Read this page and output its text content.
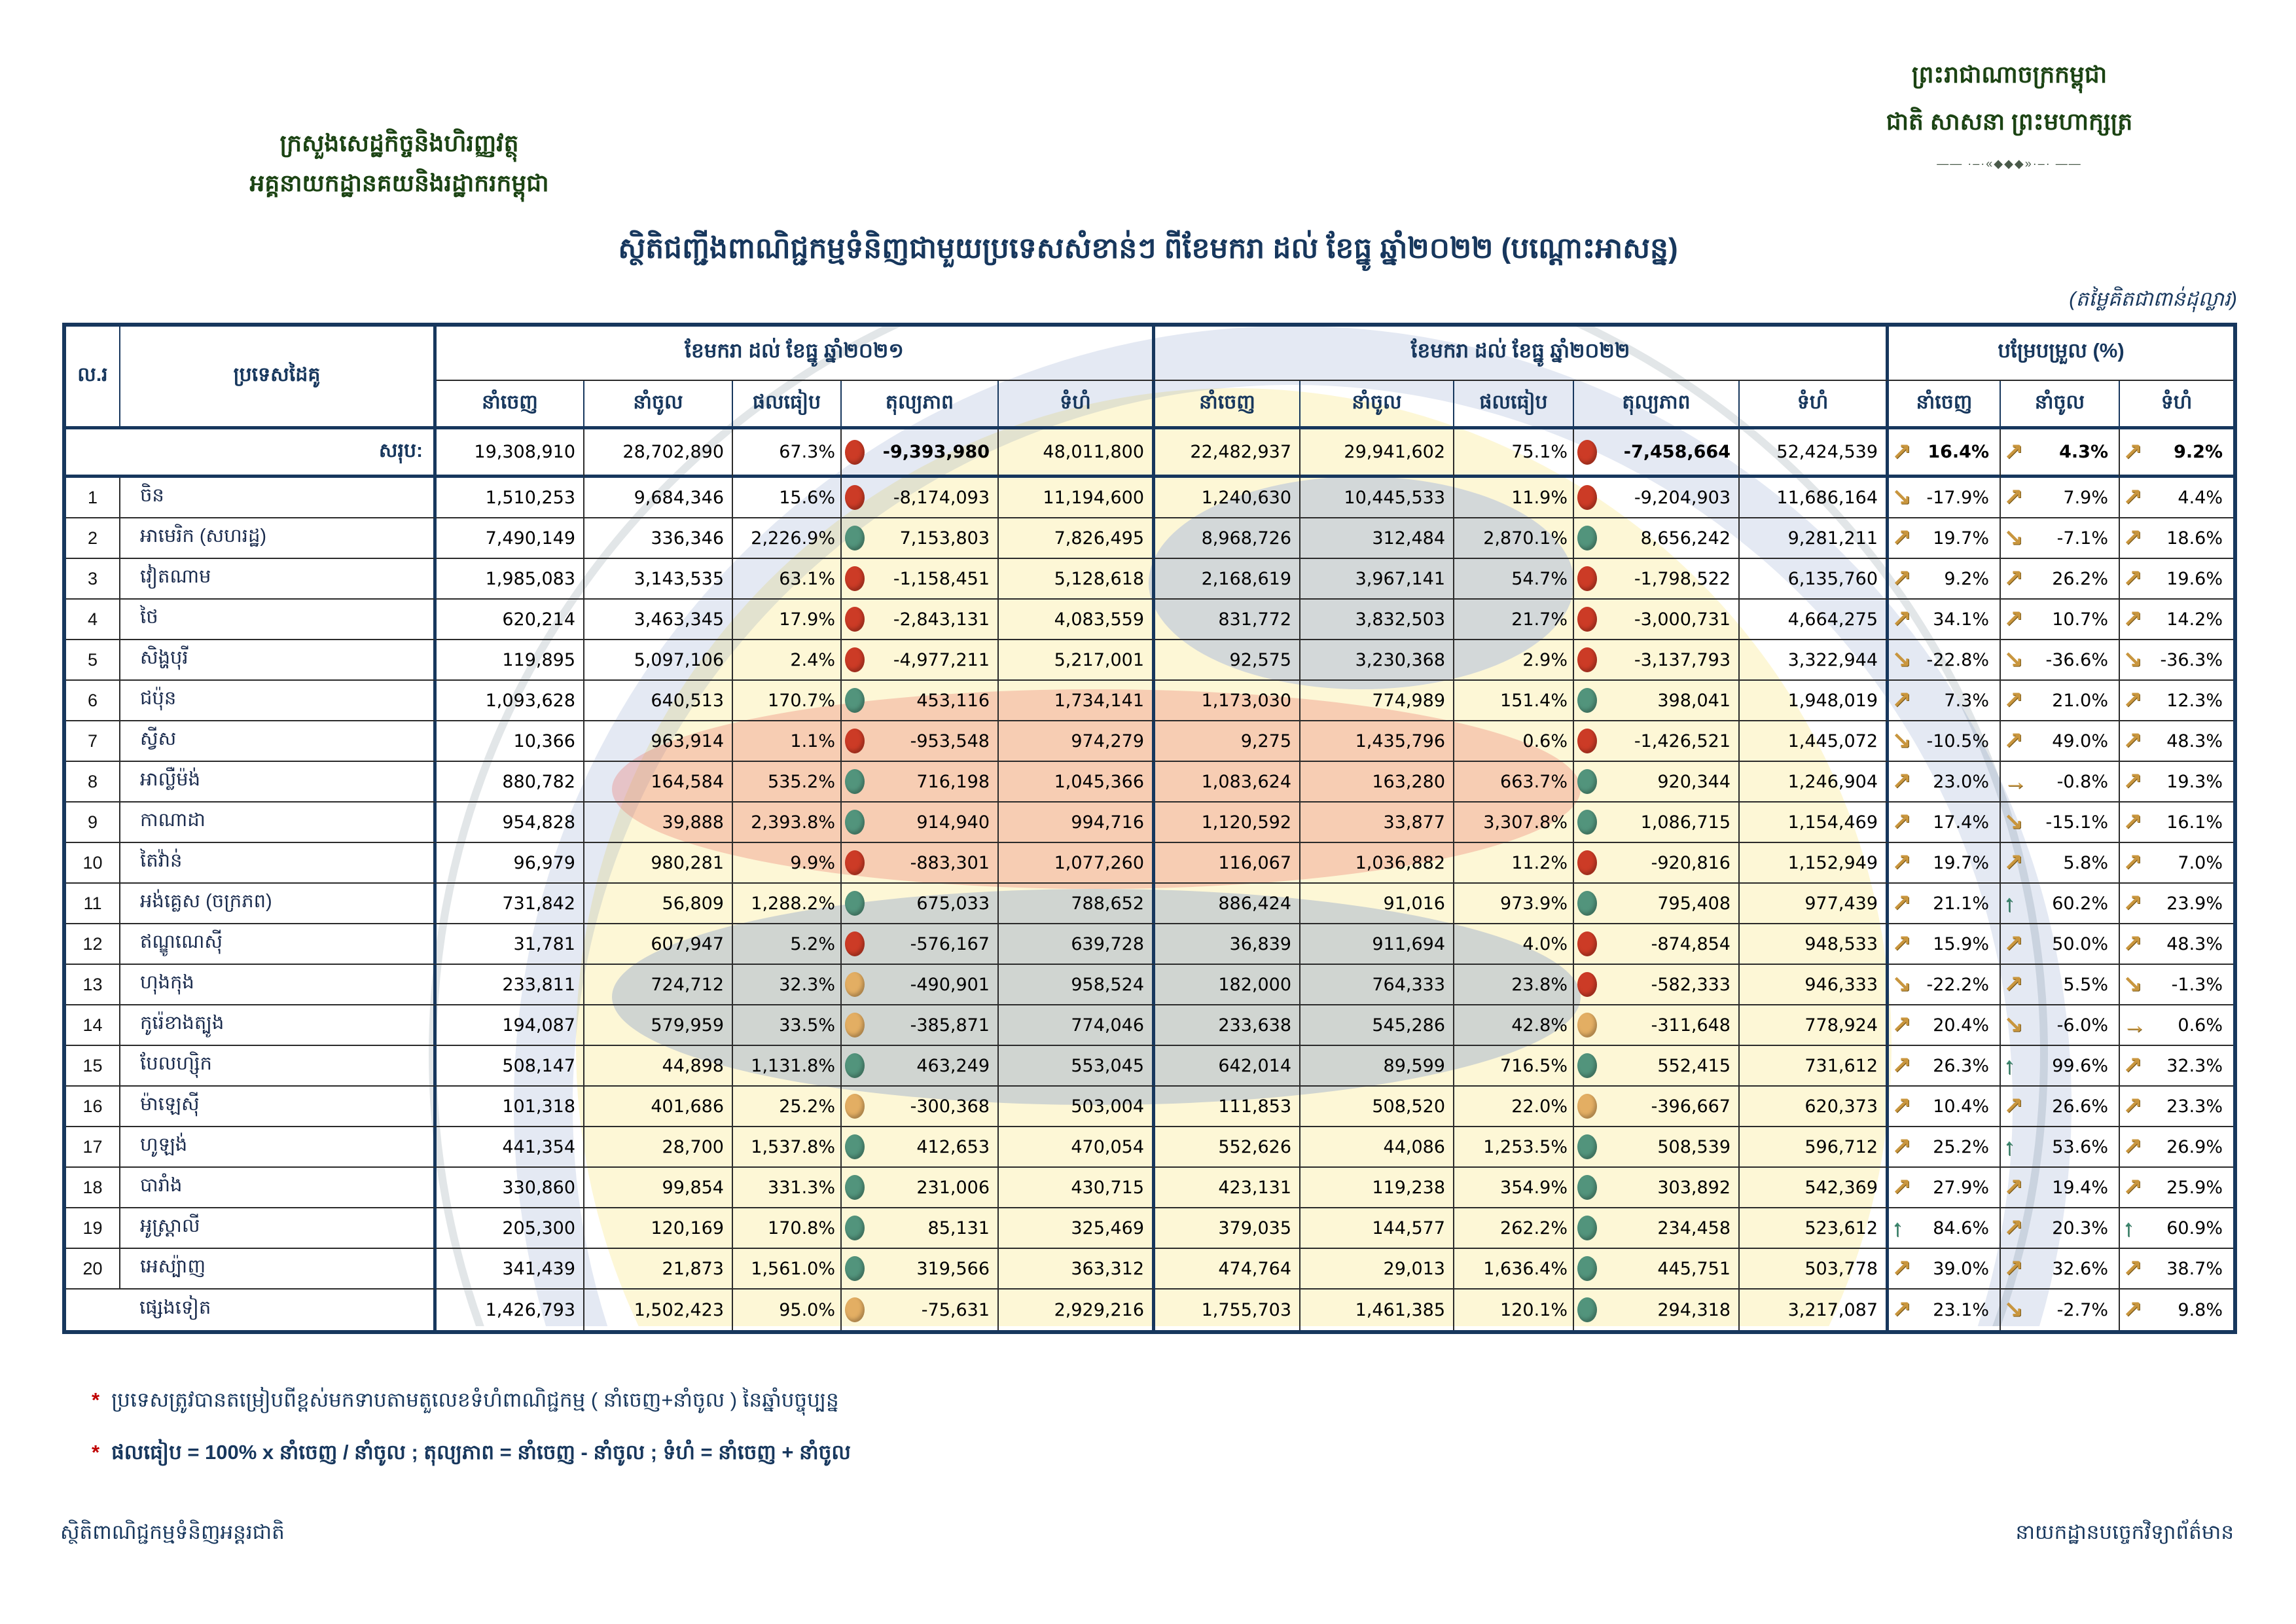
ក្រសួងសេដ្ឋកិច្ចនិងហិរញ្ញវត្ថុ
អគ្គនាយកដ្ឋានគយនិងរដ្ឋាករកម្ពុជា
ព្រះរាជាណាចក្រកម្ពុជា
ជាតិ សាសនា ព្រះមហាក្សត្រ
—— ·–·«◆◆◆»·–· ——
ស្ថិតិជញ្ជីងពាណិជ្ជកម្មទំនិញជាមួយប្រទេសសំខាន់ៗ ពីខែមករា ដល់ ខែធ្នូ ឆ្នាំ២០២២ (បណ្តោះអាសន្ន)
(តម្លៃគិតជាពាន់ដុល្លារ)
ល.រ	ប្រទេសដៃគូ
ខែមករា ដល់ ខែធ្នូ ឆ្នាំ២០២១	ខែមករា ដល់ ខែធ្នូ ឆ្នាំ២០២២	បម្រែបម្រួល (%)
នាំចេញ	នាំចូល	ផលធៀប	តុល្យភាព	ទំហំ	នាំចេញ	នាំចូល	ផលធៀប	តុល្យភាព	ទំហំ	នាំចេញ	នាំចូល	ទំហំ
សរុប:	19,308,910	28,702,890	67.3%	-9,393,980	48,011,800	22,482,937	29,941,602	75.1%	-7,458,664	52,424,539 ↗ 16.4% ↗	4.3% ↗	9.2%
1	ចិន	1,510,253	9,684,346	15.6%	-8,174,093	11,194,600	1,240,630	10,445,533	11.9%	-9,204,903	11,686,164 ↘ -17.9% ↗	7.9% ↗	4.4%
2	អាមេរិក (សហរដ្ឋ)	7,490,149	336,346	2,226.9%	7,153,803	7,826,495	8,968,726	312,484	2,870.1%	8,656,242	9,281,211 ↗	19.7% ↘	-7.1% ↗	18.6%
3	វៀតណាម	1,985,083	3,143,535	63.1%	-1,158,451	5,128,618	2,168,619	3,967,141	54.7%	-1,798,522	6,135,760 ↗	9.2% ↗	26.2% ↗	19.6%
4	ថៃ	620,214	3,463,345	17.9%	-2,843,131	4,083,559	831,772	3,832,503	21.7%	-3,000,731	4,664,275 ↗	34.1% ↗	10.7% ↗	14.2%
5	សិង្ហបុរី	119,895	5,097,106	2.4%	-4,977,211	5,217,001	92,575	3,230,368	2.9%	-3,137,793	3,322,944 ↘ -22.8% ↘	-36.6% ↘	-36.3%
6	ជប៉ុន	1,093,628	640,513	170.7%	453,116	1,734,141	1,173,030	774,989	151.4%	398,041	1,948,019 ↗	7.3% ↗	21.0% ↗	12.3%
7	ស្វីស	10,366	963,914	1.1%	-953,548	974,279	9,275	1,435,796	0.6%	-1,426,521	1,445,072 ↘ -10.5% ↗	49.0% ↗	48.3%
8	អាល្លឺម៉ង់	880,782	164,584	535.2%	716,198	1,045,366	1,083,624	163,280	663.7%	920,344	1,246,904 ↗	23.0% →	-0.8% ↗	19.3%
9	កាណាដា	954,828	39,888	2,393.8%	914,940	994,716	1,120,592	33,877	3,307.8%	1,086,715	1,154,469 ↗	17.4% ↘	-15.1% ↗	16.1%
10	តៃវ៉ាន់	96,979	980,281	9.9%	-883,301	1,077,260	116,067	1,036,882	11.2%	-920,816	1,152,949 ↗	19.7% ↗	5.8% ↗	7.0%
11	អង់គ្លេស (ចក្រភព)	731,842	56,809	1,288.2%	675,033	788,652	886,424	91,016	973.9%	795,408	977,439 ↗	21.1% ↑	60.2% ↗	23.9%
12	ឥណ្ឌូណេស៊ី	31,781	607,947	5.2%	-576,167	639,728	36,839	911,694	4.0%	-874,854	948,533 ↗	15.9% ↗	50.0% ↗	48.3%
13	ហុងកុង	233,811	724,712	32.3%	-490,901	958,524	182,000	764,333	23.8%	-582,333	946,333 ↘ -22.2% ↗	5.5% ↘	-1.3%
14	កូរ៉េខាងត្បូង	194,087	579,959	33.5%	-385,871	774,046	233,638	545,286	42.8%	-311,648	778,924 ↗	20.4% ↘	-6.0% →	0.6%
15	បែលហ្ស៊ិក	508,147	44,898	1,131.8%	463,249	553,045	642,014	89,599	716.5%	552,415	731,612 ↗	26.3% ↑	99.6% ↗	32.3%
16	ម៉ាឡេស៊ី	101,318	401,686	25.2%	-300,368	503,004	111,853	508,520	22.0%	-396,667	620,373 ↗	10.4% ↗	26.6% ↗	23.3%
17	ហូឡង់	441,354	28,700	1,537.8%	412,653	470,054	552,626	44,086	1,253.5%	508,539	596,712 ↗	25.2% ↑	53.6% ↗	26.9%
18	បារាំង	330,860	99,854	331.3%	231,006	430,715	423,131	119,238	354.9%	303,892	542,369 ↗	27.9% ↗	19.4% ↗	25.9%
19	អូស្ត្រាលី	205,300	120,169	170.8%	85,131	325,469	379,035	144,577	262.2%	234,458	523,612 ↑	84.6% ↗	20.3% ↑	60.9%
20	អេស្ប៉ាញ	341,439	21,873	1,561.0%	319,566	363,312	474,764	29,013	1,636.4%	445,751	503,778 ↗	39.0% ↗	32.6% ↗	38.7%
ផ្សេងទៀត	1,426,793	1,502,423	95.0%	-75,631	2,929,216	1,755,703	1,461,385	120.1%	294,318	3,217,087 ↗	23.1% ↘	-2.7% ↗	9.8%
* ប្រទេសត្រូវបានតម្រៀបពីខ្ពស់មកទាបតាមតួលេខទំហំពាណិជ្ជកម្ម ( នាំចេញ+នាំចូល ) នៃឆ្នាំបច្ចុប្បន្ន
* ផលធៀប = 100% x នាំចេញ / នាំចូល ; តុល្យភាព = នាំចេញ - នាំចូល ; ទំហំ = នាំចេញ + នាំចូល
ស្ថិតិពាណិជ្ជកម្មទំនិញអន្តរជាតិ	នាយកដ្ឋានបច្ចេកវិទ្យាព័ត៌មាន
